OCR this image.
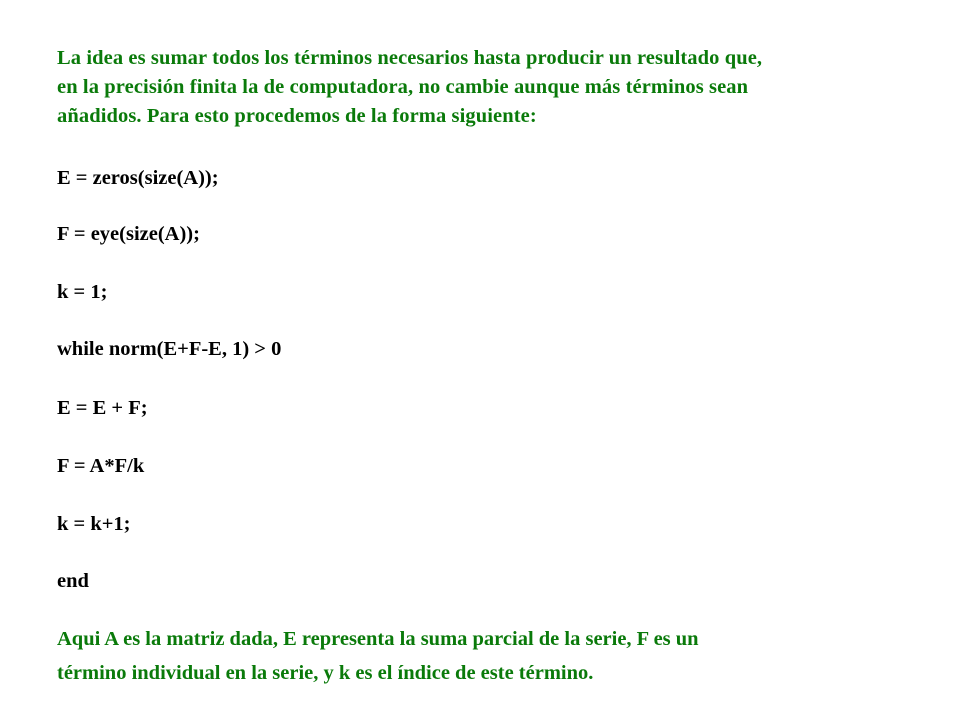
La idea es sumar todos los términos necesarios hasta producir un resultado que,
en la precisión finita la de computadora, no cambie aunque más términos sean
añadidos. Para esto procedemos de la forma siguiente:
E = zeros(size(A));
F = eye(size(A));
k = 1;
while norm(E+F-E, 1) > 0
E = E + F;
F = A*F/k
k = k+1;
end
Aqui A es la matriz dada, E representa la suma parcial de la serie, F es un
término individual en la serie, y k es el índice de este término.
